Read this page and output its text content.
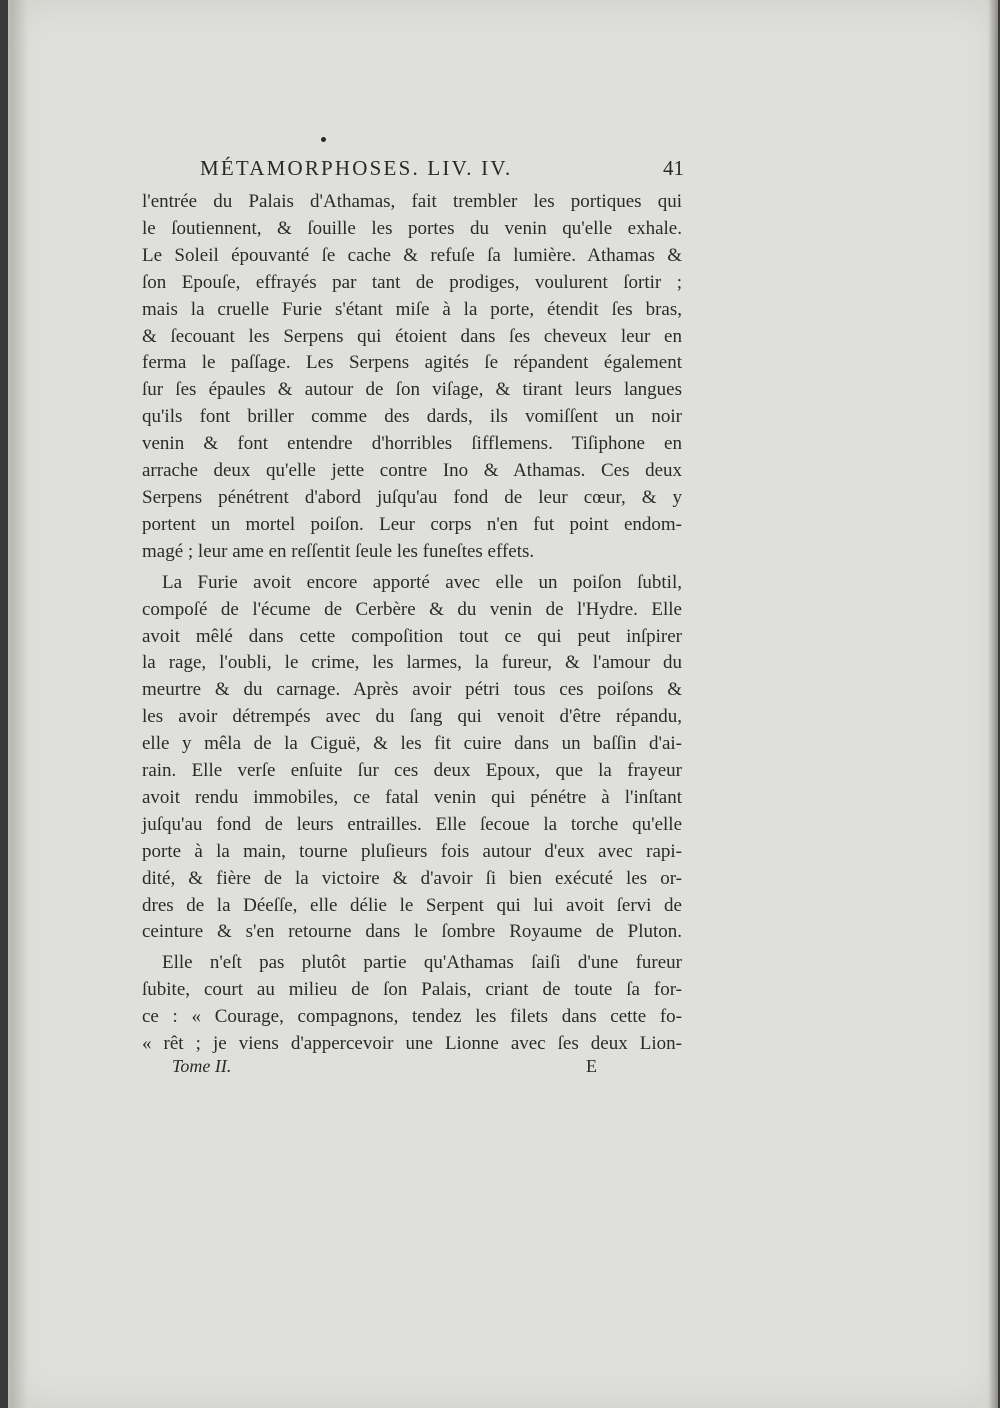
MÉTAMORPHOSES. LIV. IV.	41
l'entrée du Palais d'Athamas, fait trembler les portiques qui
le ſoutiennent, & ſouille les portes du venin qu'elle exhale.
Le Soleil épouvanté ſe cache & refuſe ſa lumière. Athamas &
ſon Epouſe, effrayés par tant de prodiges, voulurent ſortir ;
mais la cruelle Furie s'étant miſe à la porte, étendit ſes bras,
& ſecouant les Serpens qui étoient dans ſes cheveux leur en
ferma le paſſage. Les Serpens agités ſe répandent également
ſur ſes épaules & autour de ſon viſage, & tirant leurs langues
qu'ils font briller comme des dards, ils vomiſſent un noir
venin & font entendre d'horribles ſifflemens. Tiſiphone en
arrache deux qu'elle jette contre Ino & Athamas. Ces deux
Serpens pénétrent d'abord juſqu'au fond de leur cœur, & y
portent un mortel poiſon. Leur corps n'en fut point endom-
magé ; leur ame en reſſentit ſeule les funeſtes effets.
La Furie avoit encore apporté avec elle un poiſon ſubtil,
compoſé de l'écume de Cerbère & du venin de l'Hydre. Elle
avoit mêlé dans cette compoſition tout ce qui peut inſpirer
la rage, l'oubli, le crime, les larmes, la fureur, & l'amour du
meurtre & du carnage. Après avoir pétri tous ces poiſons &
les avoir détrempés avec du ſang qui venoit d'être répandu,
elle y mêla de la Ciguë, & les fit cuire dans un baſſin d'ai-
rain. Elle verſe enſuite ſur ces deux Epoux, que la frayeur
avoit rendu immobiles, ce fatal venin qui pénétre à l'inſtant
juſqu'au fond de leurs entrailles. Elle ſecoue la torche qu'elle
porte à la main, tourne pluſieurs fois autour d'eux avec rapi-
dité, & fière de la victoire & d'avoir ſi bien exécuté les or-
dres de la Déeſſe, elle délie le Serpent qui lui avoit ſervi de
ceinture & s'en retourne dans le ſombre Royaume de Pluton.
Elle n'eſt pas plutôt partie qu'Athamas ſaiſi d'une fureur
ſubite, court au milieu de ſon Palais, criant de toute ſa for-
ce : « Courage, compagnons, tendez les filets dans cette fo-
« rêt ; je viens d'appercevoir une Lionne avec ſes deux Lion-
Tome II.	E
